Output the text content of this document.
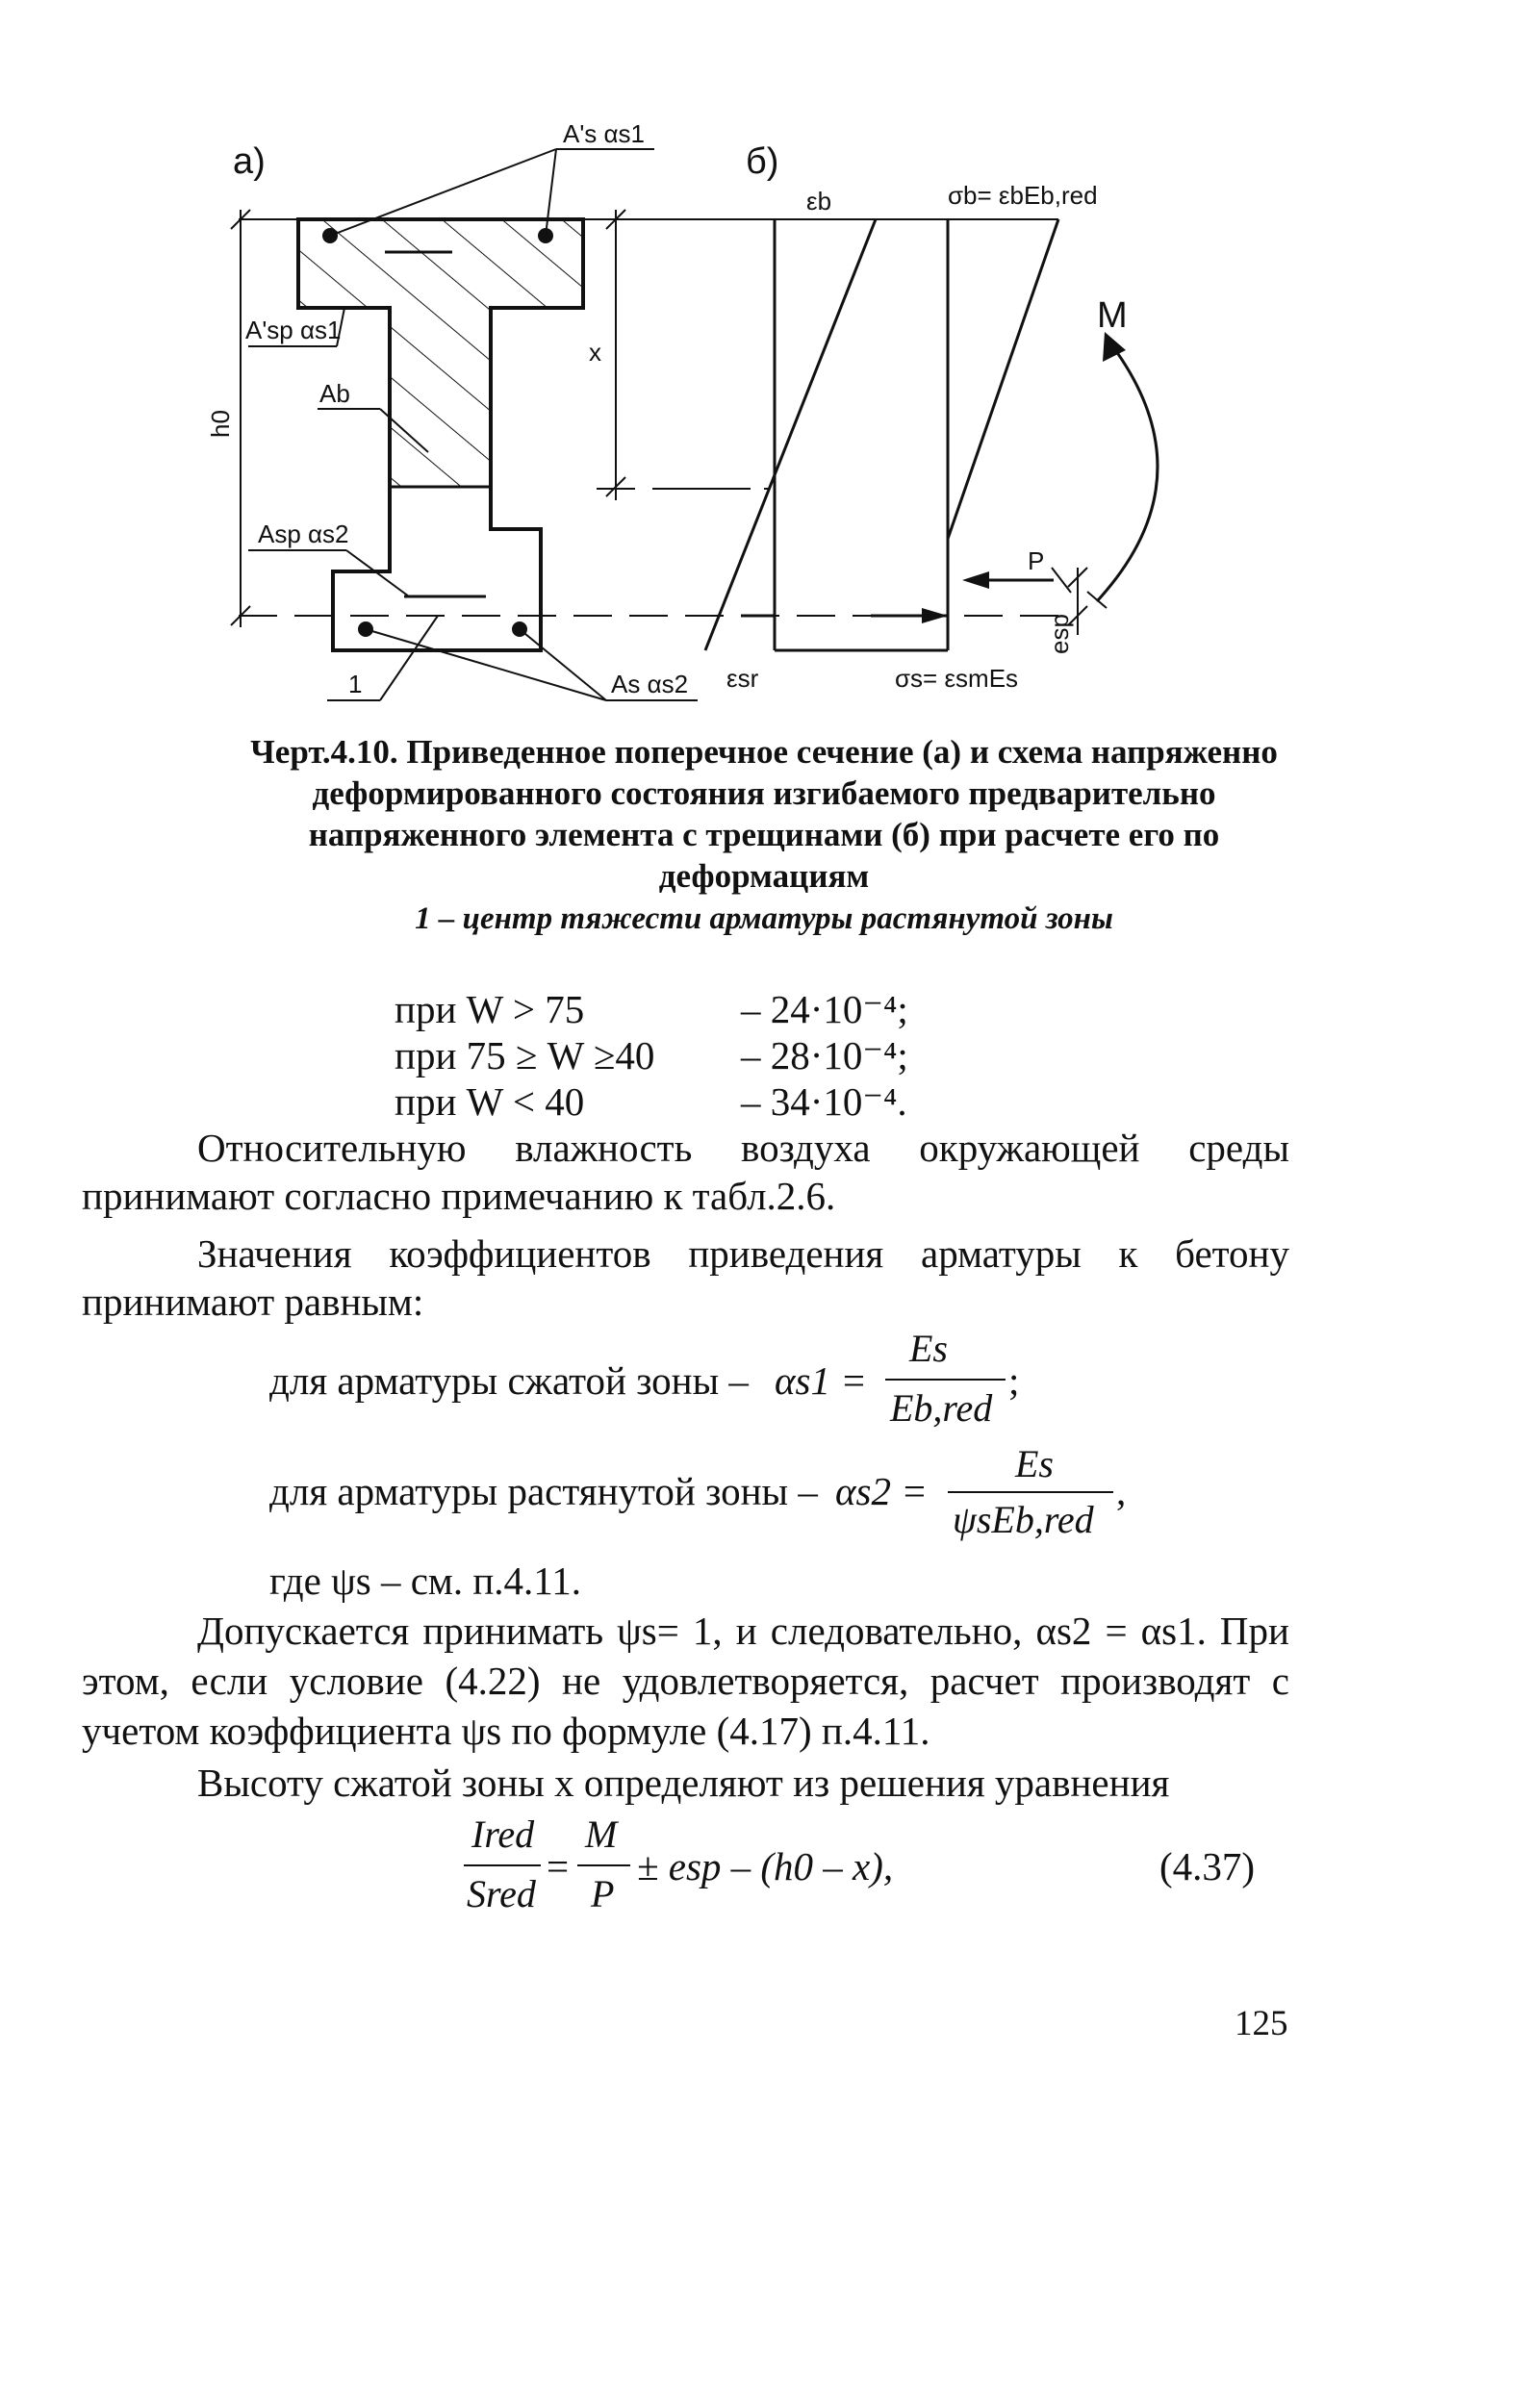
а)	б)
A's αs1
A'sp αs1
Ab
Asp αs2
As αs2
1
h0
x
εb	σb= εbEb,red
εsr	σs= εsmEs
M
P
esp
Черт.4.10. Приведенное поперечное сечение (а) и схема напряженно
деформированного состояния изгибаемого предварительно
напряженного элемента с трещинами (б) при расчете его по
деформациям
1 – центр тяжести арматуры растянутой зоны
при W > 75	– 24·10⁻⁴;
при 75 ≥ W ≥40 – 28·10⁻⁴;
при W < 40	– 34·10⁻⁴.
Относительную влажность воздуха окружающей среды
принимают согласно примечанию к табл.2.6.
Значения коэффициентов приведения арматуры к бетону
принимают равным:
для арматуры сжатой зоны – αs1 =
Es
Eb,red
;
для арматуры растянутой зоны – αs2 =
Es
ψsEb,red
,
где ψs – см. п.4.11.
Допускается принимать ψs= 1, и следовательно, αs2 = αs1. При
этом, если условие (4.22) не удовлетворяется, расчет производят с
учетом коэффициента ψs по формуле (4.17) п.4.11.
Высоту сжатой зоны x определяют из решения уравнения
Ired
Sred
=
M
P
± esp – (h0 – x),	(4.37)
125
